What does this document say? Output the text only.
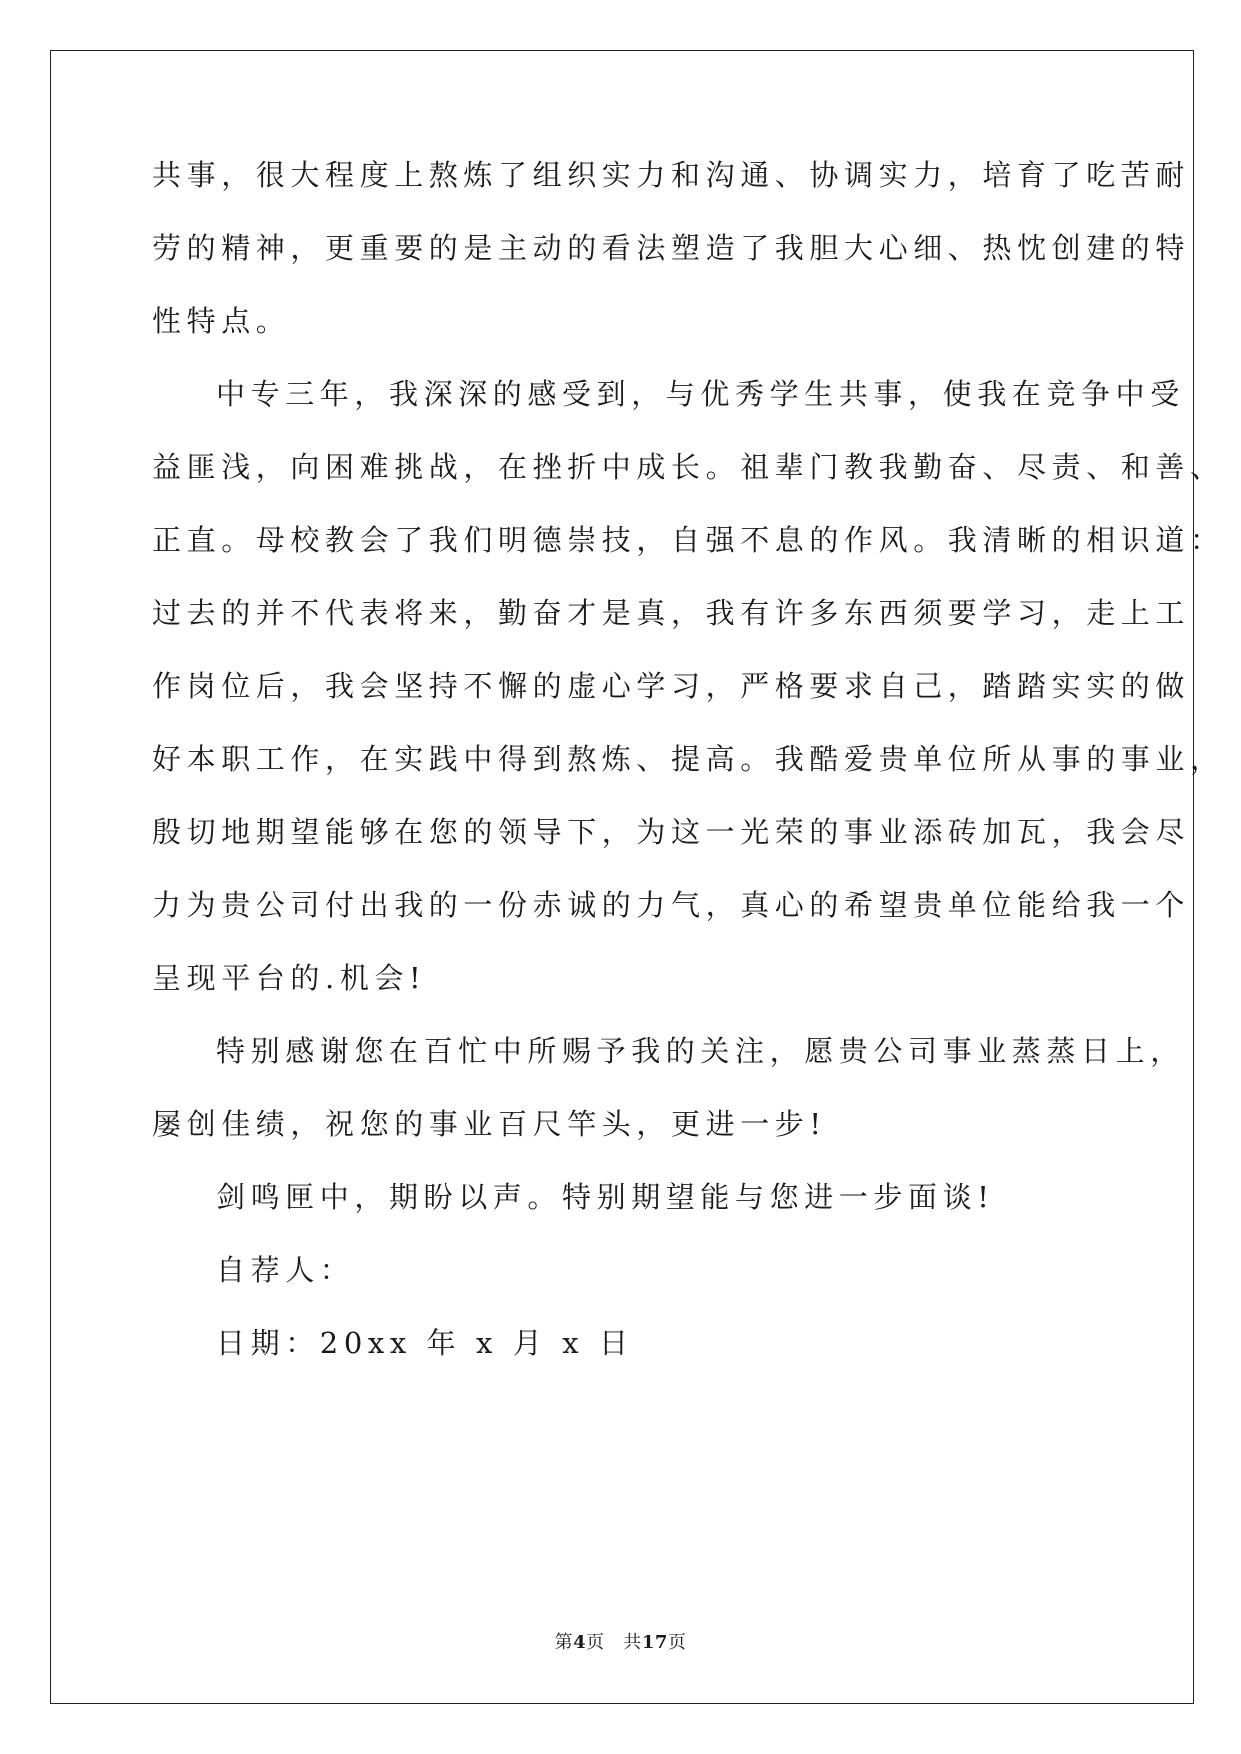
共事，很大程度上熬炼了组织实力和沟通、协调实力，培育了吃苦耐
劳的精神，更重要的是主动的看法塑造了我胆大心细、热忱创建的特
性特点。
中专三年，我深深的感受到，与优秀学生共事，使我在竞争中受
益匪浅，向困难挑战，在挫折中成长。祖辈门教我勤奋、尽责、和善、
正直。母校教会了我们明德崇技，自强不息的作风。我清晰的相识道：
过去的并不代表将来，勤奋才是真，我有许多东西须要学习，走上工
作岗位后，我会坚持不懈的虚心学习，严格要求自己，踏踏实实的做
好本职工作，在实践中得到熬炼、提高。我酷爱贵单位所从事的事业，
殷切地期望能够在您的领导下，为这一光荣的事业添砖加瓦，我会尽
力为贵公司付出我的一份赤诚的力气，真心的希望贵单位能给我一个
呈现平台的.机会!
特别感谢您在百忙中所赐予我的关注，愿贵公司事业蒸蒸日上，
屡创佳绩，祝您的事业百尺竿头，更进一步!
剑鸣匣中，期盼以声。特别期望能与您进一步面谈!
自荐人：
日期：20xx 年 x 月 x 日
第4页   共17页
